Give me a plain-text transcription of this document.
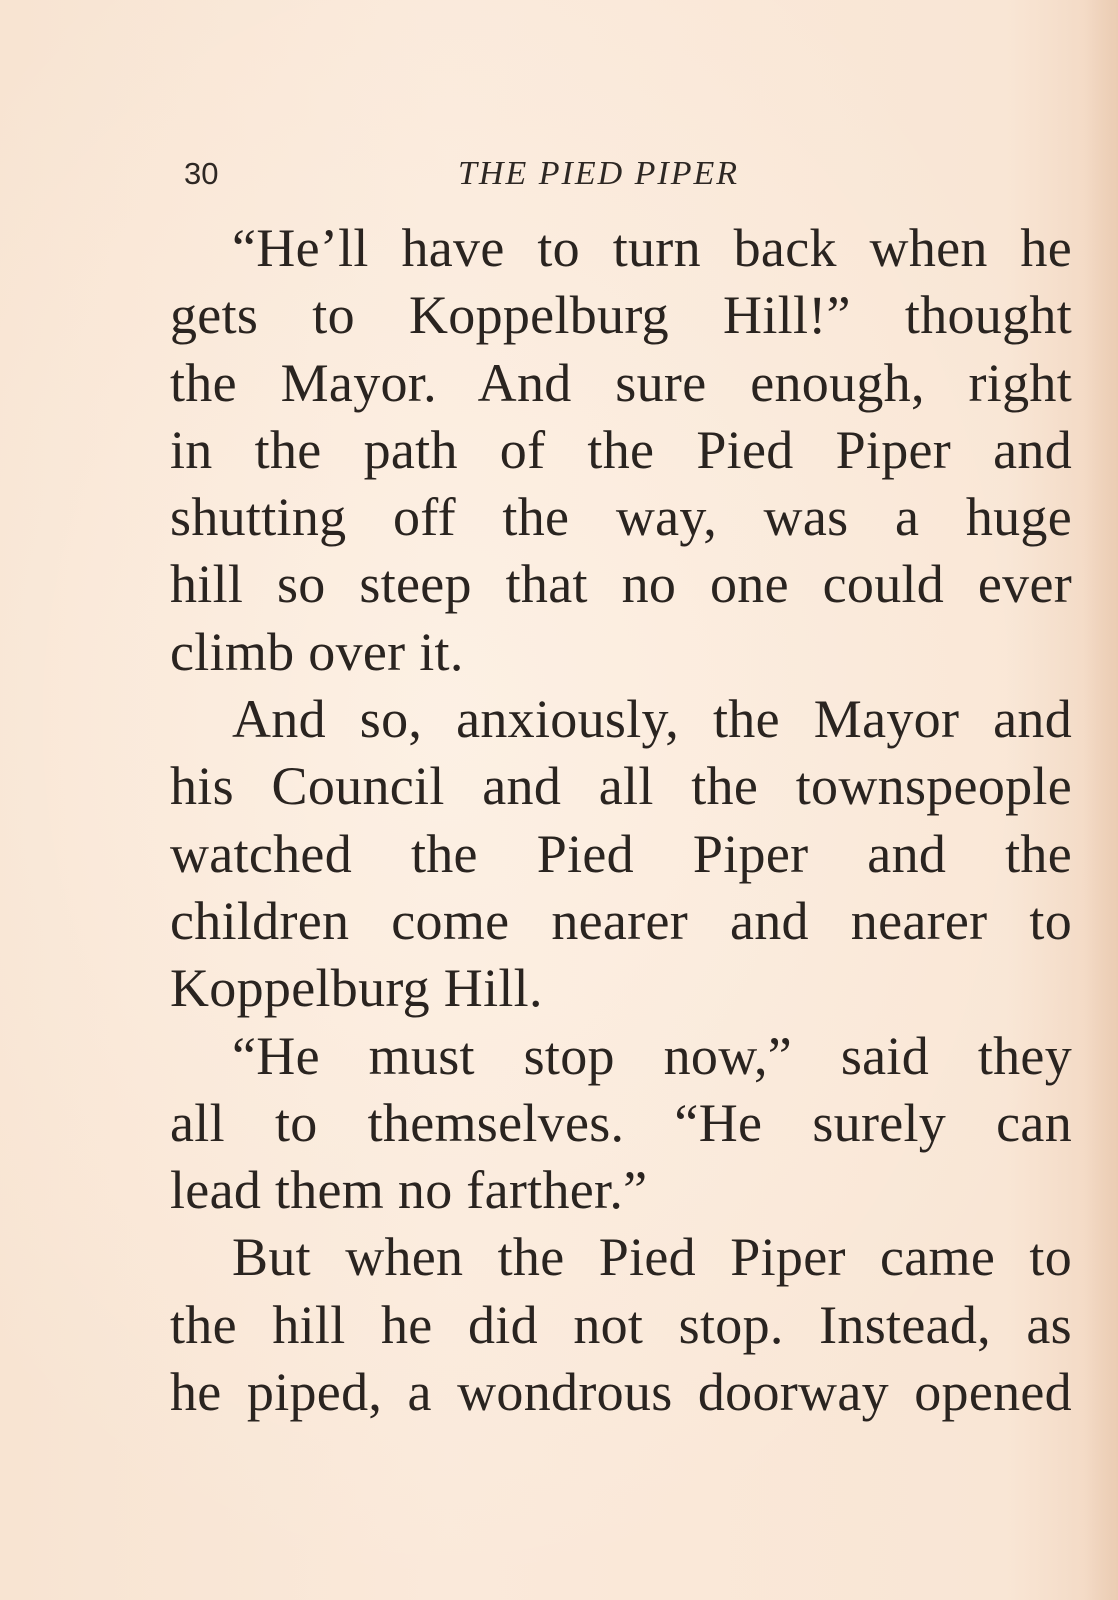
30	THE PIED PIPER
“He’ll have to turn back when he
gets to Koppelburg Hill!” thought
the Mayor. And sure enough, right
in the path of the Pied Piper and
shutting off the way, was a huge
hill so steep that no one could ever
climb over it.
And so, anxiously, the Mayor and
his Council and all the townspeople
watched the Pied Piper and the
children come nearer and nearer to
Koppelburg Hill.
“He must stop now,” said they
all to themselves. “He surely can
lead them no farther.”
But when the Pied Piper came to
the hill he did not stop. Instead, as
he piped, a wondrous doorway opened
